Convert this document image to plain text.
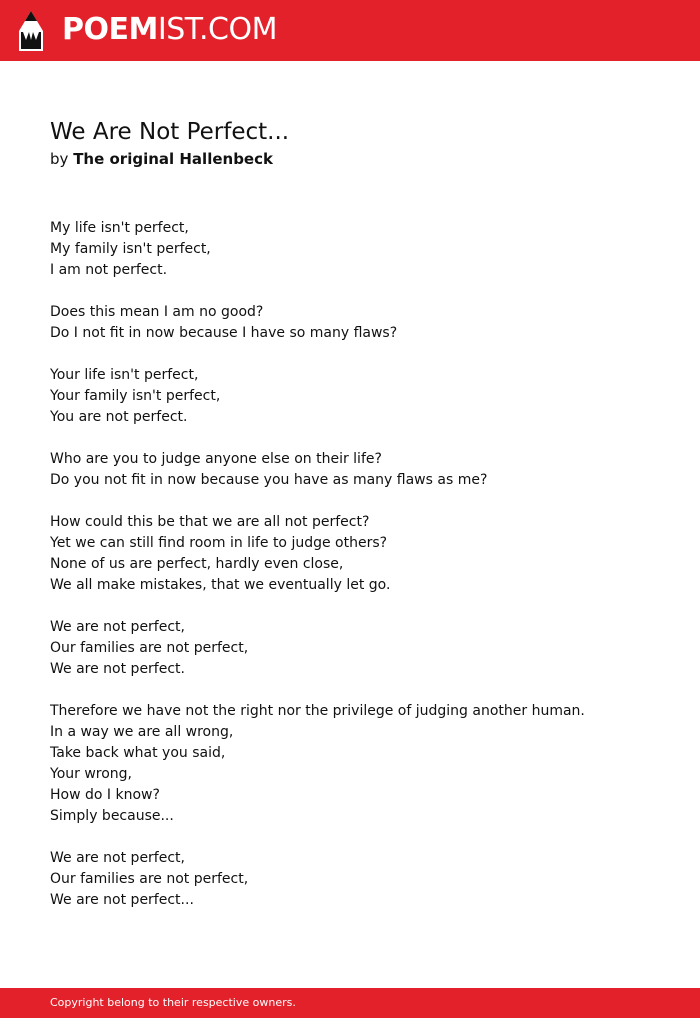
POEMIST.COM
We Are Not Perfect...
by The original Hallenbeck
My life isn't perfect,
My family isn't perfect,
I am not perfect.
Does this mean I am no good?
Do I not fit in now because I have so many flaws?
Your life isn't perfect,
Your family isn't perfect,
You are not perfect.
Who are you to judge anyone else on their life?
Do you not fit in now because you have as many flaws as me?
How could this be that we are all not perfect?
Yet we can still find room in life to judge others?
None of us are perfect, hardly even close,
We all make mistakes, that we eventually let go.
We are not perfect,
Our families are not perfect,
We are not perfect.
Therefore we have not the right nor the privilege of judging another human.
In a way we are all wrong,
Take back what you said,
Your wrong,
How do I know?
Simply because...
We are not perfect,
Our families are not perfect,
We are not perfect...
Copyright belong to their respective owners.
